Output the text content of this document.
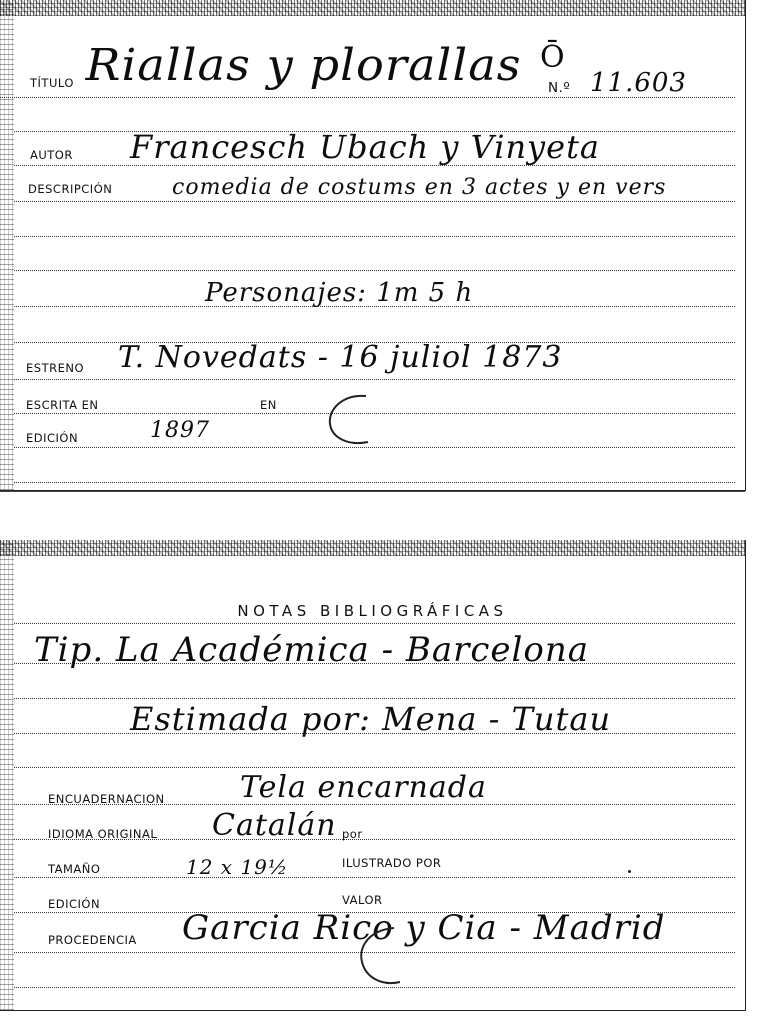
TÍTULO Riallas y plorallas Ō
N.º 11.603
AUTOR Francesch Ubach y Vinyeta
DESCRIPCIÓN	comedia de costums en 3 actes y en vers
Personajes: 1m 5 h
ESTRENO T. Novedats - 16 juliol 1873
ESCRITA EN	EN
EDICIÓN	1897
NOTAS BIBLIOGRÁFICAS
Tip. La Académica - Barcelona
Estimada por: Mena - Tutau
ENCUADERNACION	Tela encarnada
IDIOMA ORIGINAL Catalán por
TAMAÑO	12 x 19½	ILUSTRADO POR
EDICIÓN	VALOR
PROCEDENCIA Garcia Rico y Cia - Madrid
